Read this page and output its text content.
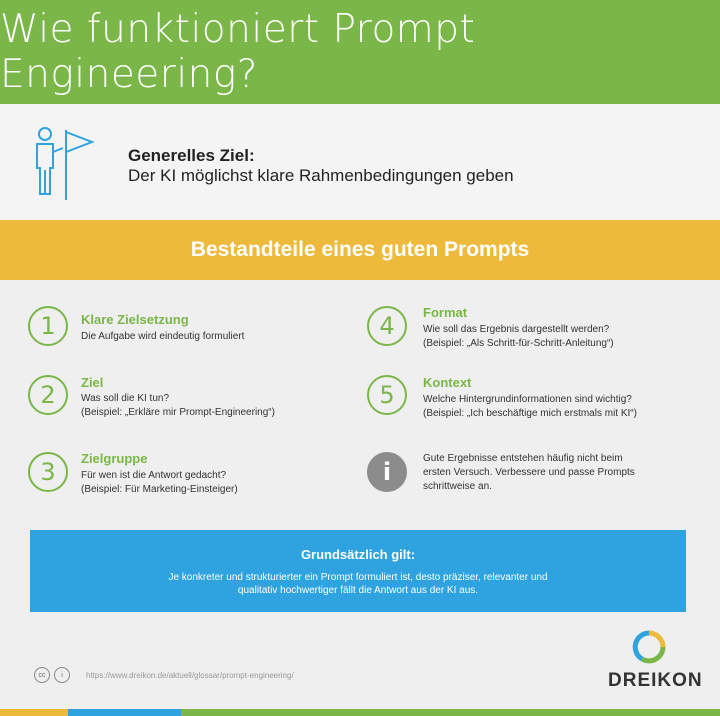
Wie funktioniert Prompt Engineering?
Generelles Ziel:
Der KI möglichst klare Rahmenbedingungen geben
Bestandteile eines guten Prompts
1	Klare Zielsetzung
Die Aufgabe wird eindeutig formuliert
2	Ziel
Was soll die KI tun?
(Beispiel: „Erkläre mir Prompt-Engineering“)
3	Zielgruppe
Für wen ist die Antwort gedacht?
(Beispiel: Für Marketing-Einsteiger)
4	Format
Wie soll das Ergebnis dargestellt werden?
(Beispiel: „Als Schritt-für-Schritt-Anleitung“)
5	Kontext
Welche Hintergrundinformationen sind wichtig?
(Beispiel: „Ich beschäftige mich erstmals mit KI“)
i	Gute Ergebnisse entstehen häufig nicht beim
ersten Versuch. Verbessere und passe Prompts
schrittweise an.
Grundsätzlich gilt:
Je konkreter und strukturierter ein Prompt formuliert ist, desto präziser, relevanter und
qualitativ hochwertiger fällt die Antwort aus der KI aus.
cc	i	https://www.dreikon.de/aktuell/glossar/prompt-engineering/	DREIKON
